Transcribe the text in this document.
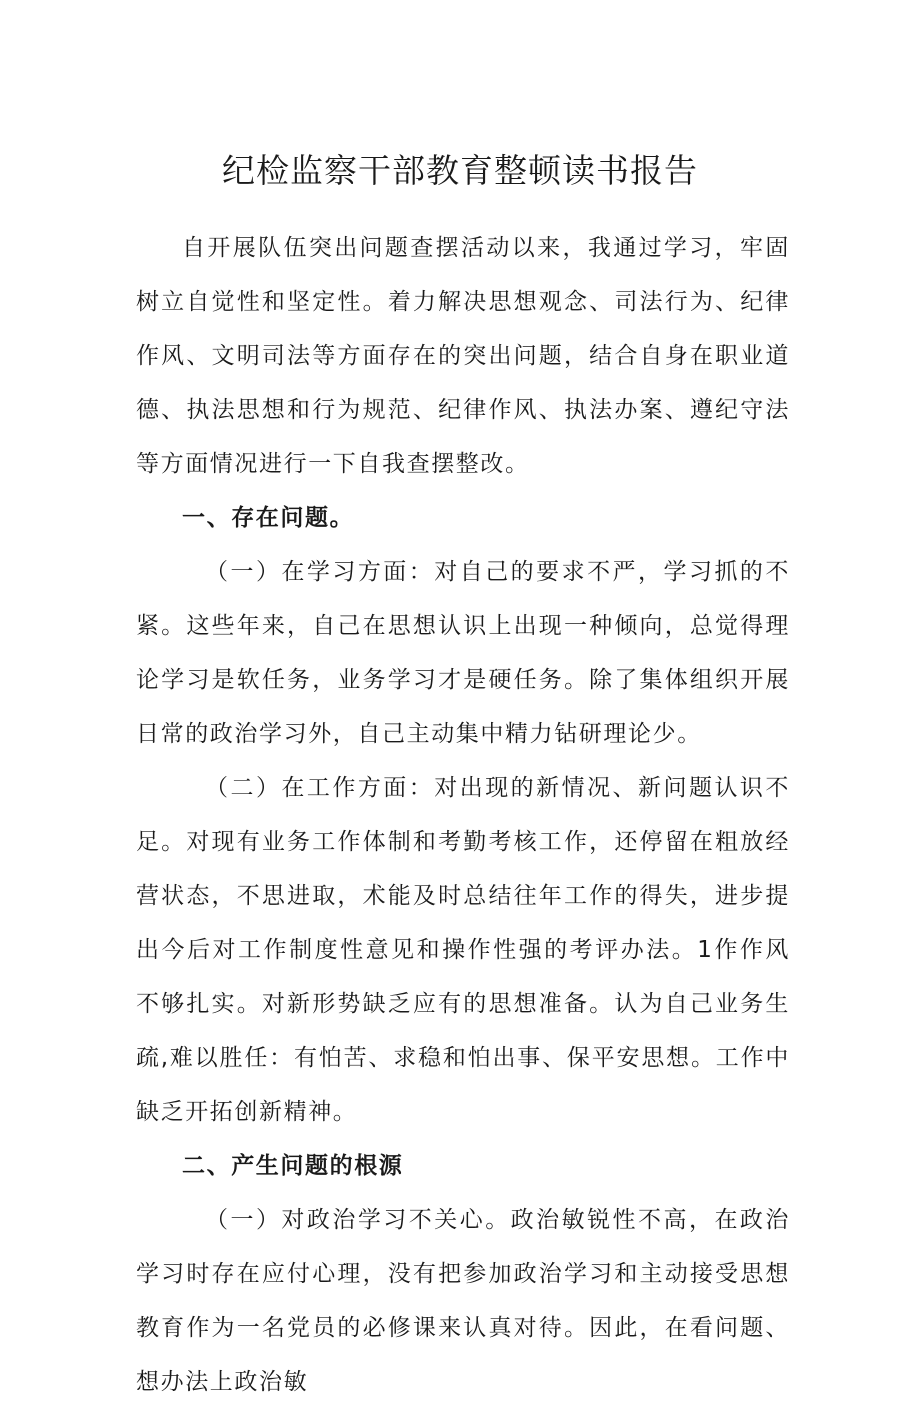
纪检监察干部教育整顿读书报告

自开展队伍突出问题查摆活动以来，我通过学习，牢固树立自觉性和坚定性。着力解决思想观念、司法行为、纪律作风、文明司法等方面存在的突出问题，结合自身在职业道德、执法思想和行为规范、纪律作风、执法办案、遵纪守法等方面情况进行一下自我查摆整改。

一、存在问题。

（一）在学习方面：对自己的要求不严，学习抓的不紧。这些年来，自己在思想认识上出现一种倾向，总觉得理论学习是软任务，业务学习才是硬任务。除了集体组织开展日常的政治学习外，自己主动集中精力钻研理论少。

（二）在工作方面：对出现的新情况、新问题认识不足。对现有业务工作体制和考勤考核工作，还停留在粗放经营状态，不思进取，术能及时总结往年工作的得失，进步提出今后对工作制度性意见和操作性强的考评办法。1作作风不够扎实。对新形势缺乏应有的思想准备。认为自己业务生疏,难以胜任：有怕苦、求稳和怕出事、保平安思想。工作中缺乏开拓创新精神。

二、产生问题的根源

（一）对政治学习不关心。政治敏锐性不高，在政治学习时存在应付心理，没有把参加政治学习和主动接受思想教育作为一名党员的必修课来认真对待。因此，在看问题、想办法上政治敏
